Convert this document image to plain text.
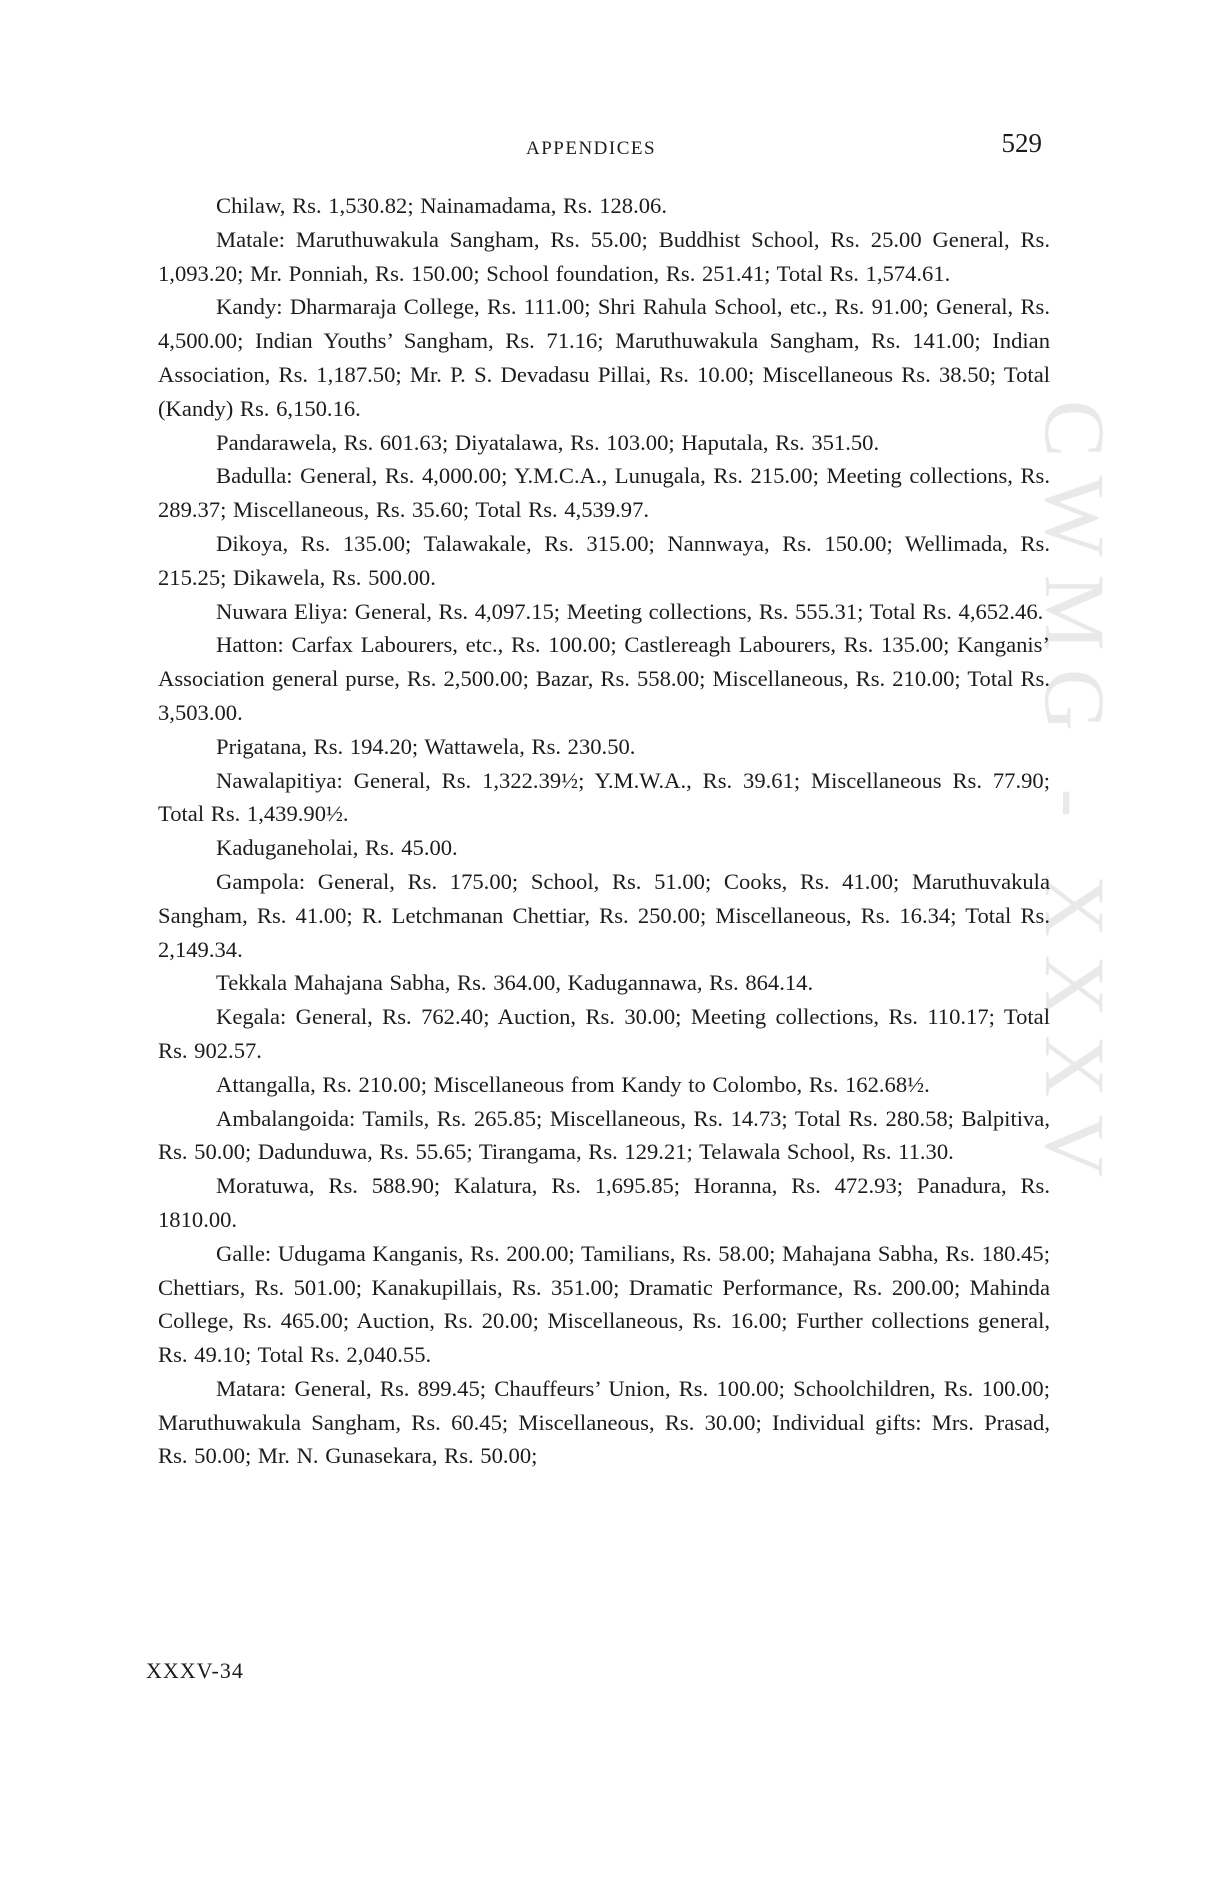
CWMG - XXXV
APPENDICES	529

Chilaw, Rs. 1,530.82; Nainamadama, Rs. 128.06.

Matale: Maruthuwakula Sangham, Rs. 55.00; Buddhist School, Rs. 25.00 General, Rs. 1,093.20; Mr. Ponniah, Rs. 150.00; School foundation, Rs. 251.41; Total Rs. 1,574.61.

Kandy: Dharmaraja College, Rs. 111.00; Shri Rahula School, etc., Rs. 91.00; General, Rs. 4,500.00; Indian Youths’ Sangham, Rs. 71.16; Maruthuwakula Sangham, Rs. 141.00; Indian Association, Rs. 1,187.50; Mr. P. S. Devadasu Pillai, Rs. 10.00; Miscellaneous Rs. 38.50; Total (Kandy) Rs. 6,150.16.

Pandarawela, Rs. 601.63; Diyatalawa, Rs. 103.00; Haputala, Rs. 351.50.

Badulla: General, Rs. 4,000.00; Y.M.C.A., Lunugala, Rs. 215.00; Meeting collections, Rs. 289.37; Miscellaneous, Rs. 35.60; Total Rs. 4,539.97.

Dikoya, Rs. 135.00; Talawakale, Rs. 315.00; Nannwaya, Rs. 150.00; Wellimada, Rs. 215.25; Dikawela, Rs. 500.00.

Nuwara Eliya: General, Rs. 4,097.15; Meeting collections, Rs. 555.31; Total Rs. 4,652.46.

Hatton: Carfax Labourers, etc., Rs. 100.00; Castlereagh Labourers, Rs. 135.00; Kanganis’ Association general purse, Rs. 2,500.00; Bazar, Rs. 558.00; Miscellaneous, Rs. 210.00; Total Rs. 3,503.00.

Prigatana, Rs. 194.20; Wattawela, Rs. 230.50.

Nawalapitiya: General, Rs. 1,322.39½; Y.M.W.A., Rs. 39.61; Miscellaneous Rs. 77.90; Total Rs. 1,439.90½.

Kaduganeholai, Rs. 45.00.

Gampola: General, Rs. 175.00; School, Rs. 51.00; Cooks, Rs. 41.00; Maruthuvakula Sangham, Rs. 41.00; R. Letchmanan Chettiar, Rs. 250.00; Miscellaneous, Rs. 16.34; Total Rs. 2,149.34.

Tekkala Mahajana Sabha, Rs. 364.00, Kadugannawa, Rs. 864.14.

Kegala: General, Rs. 762.40; Auction, Rs. 30.00; Meeting collections, Rs. 110.17; Total Rs. 902.57.

Attangalla, Rs. 210.00; Miscellaneous from Kandy to Colombo, Rs. 162.68½.

Ambalangoida: Tamils, Rs. 265.85; Miscellaneous, Rs. 14.73; Total Rs. 280.58; Balpitiva, Rs. 50.00; Dadunduwa, Rs. 55.65; Tirangama, Rs. 129.21; Telawala School, Rs. 11.30.

Moratuwa, Rs. 588.90; Kalatura, Rs. 1,695.85; Horanna, Rs. 472.93; Panadura, Rs. 1810.00.

Galle: Udugama Kanganis, Rs. 200.00; Tamilians, Rs. 58.00; Mahajana Sabha, Rs. 180.45; Chettiars, Rs. 501.00; Kanakupillais, Rs. 351.00; Dramatic Performance, Rs. 200.00; Mahinda College, Rs. 465.00; Auction, Rs. 20.00; Miscellaneous, Rs. 16.00; Further collections general, Rs. 49.10; Total Rs. 2,040.55.

Matara: General, Rs. 899.45; Chauffeurs’ Union, Rs. 100.00; Schoolchildren, Rs. 100.00; Maruthuwakula Sangham, Rs. 60.45; Miscellaneous, Rs. 30.00; Individual gifts: Mrs. Prasad, Rs. 50.00; Mr. N. Gunasekara, Rs. 50.00;

XXXV-34
